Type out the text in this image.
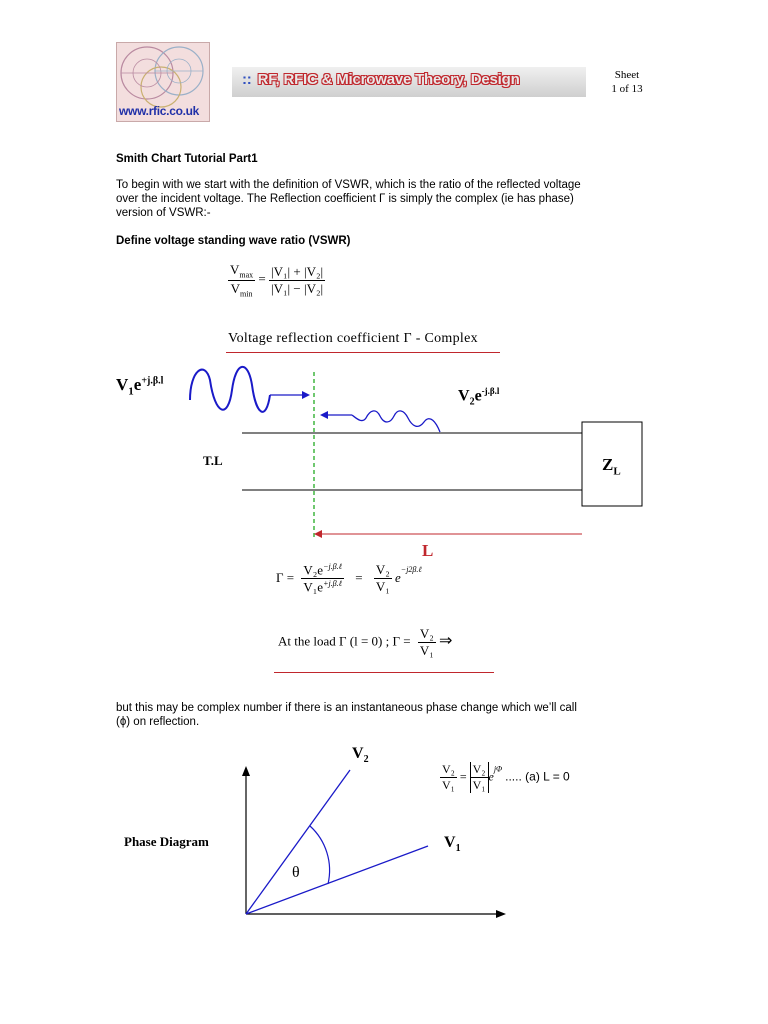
www.rfic.co.uk
:: RF, RFIC & Microwave Theory, Design	Sheet
1 of 13
Smith Chart Tutorial Part1
To begin with we start with the definition of VSWR, which is the ratio of the reflected voltage
over the incident voltage. The Reflection coefficient Γ is simply the complex (ie has phase)
version of VSWR:-
Define voltage standing wave ratio (VSWR)
$\frac{V_{max}}{V_{min}} = \frac{\text{|V₁| + |V₂|}}{\text{|V₁| − |V₂|}}$
Voltage reflection coefficient Γ - Complex
$V_1e^{+j.\beta.l}$
$V_2e^{-j.\beta.l}$
T.L	$Z_L$
L
$\Gamma = \frac{V_2e^{-j.\beta.\ell}}{V_1e^{+j.\beta.\ell}} = \frac{\text{V₂}}{\text{V₁}} e^{-j2\beta.\ell}$
At the load Γ (l = 0) ; $\Gamma = \frac{\text{V₂}}{\text{V₁}}$ ⇒
but this may be complex number if there is an instantaneous phase change which we’ll call
(ϕ) on reflection.
$V_2$
$V_1$
Phase Diagram
θ
$\frac{\text{V₂}}{\text{V₁}} = \frac{\text{V₂}}{\text{V₁}} e^{j\Phi}$ ..... (a) L = 0
